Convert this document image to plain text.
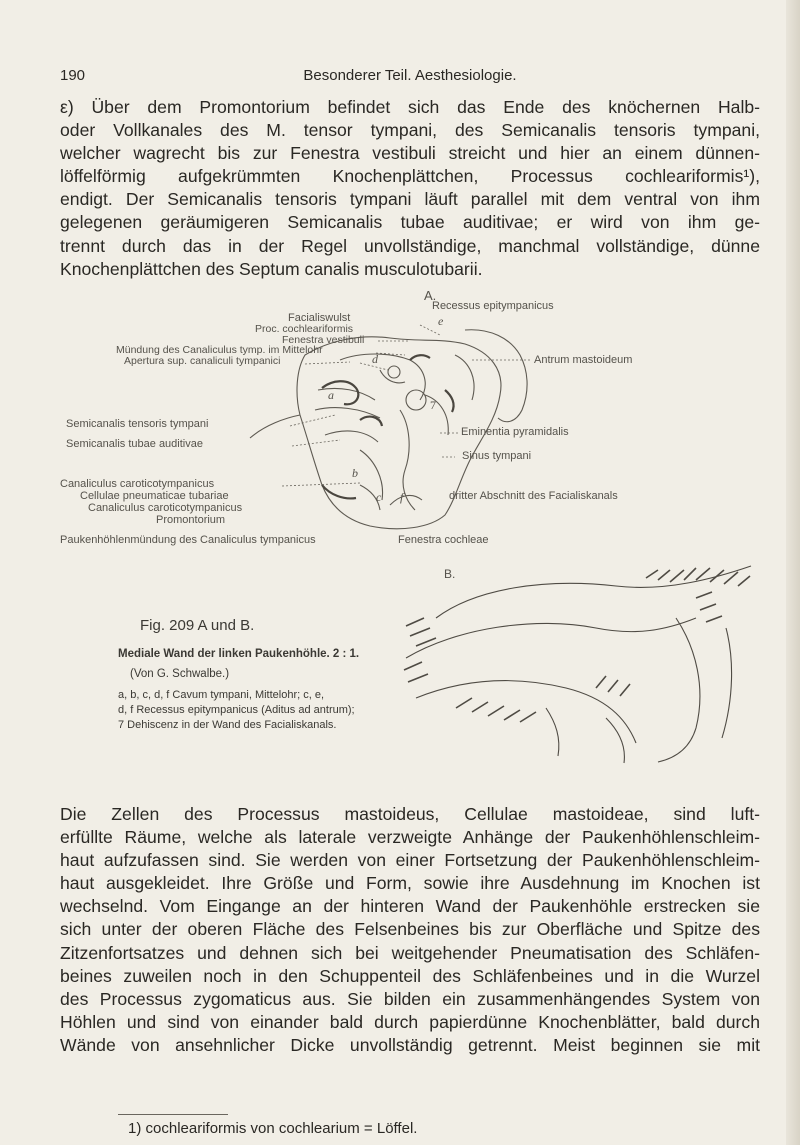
190	Besonderer Teil. Aesthesiologie.

ε) Über dem Promontorium befindet sich das Ende des knöchernen Halb-
oder Vollkanales des M. tensor tympani, des Semicanalis tensoris tympani,
welcher wagrecht bis zur Fenestra vestibuli streicht und hier an einem dünnen-
löffelförmig aufgekrümmten Knochenplättchen, Processus cochleariformis¹),
endigt. Der Semicanalis tensoris tympani läuft parallel mit dem ventral von ihm
gelegenen geräumigeren Semicanalis tubae auditivae; er wird von ihm ge-
trennt durch das in der Regel unvollständige, manchmal vollständige, dünne
Knochenplättchen des Septum canalis musculotubarii.

A.
Recessus epitympanicus
Facialiswulst
Proc. cochleariformis
Fenestra vestibuli
Mündung des Canaliculus tymp. im Mittelohr
Apertura sup. canaliculi tympanici	Antrum mastoideum
Semicanalis tensoris tympani
Semicanalis tubae auditivae
Eminentia pyramidalis
Sinus tympani
Canaliculus caroticotympanicus
Cellulae pneumaticae tubariae	dritter Abschnitt des Facialiskanals
Canaliculus caroticotympanicus
Promontorium
Paukenhöhlenmündung des Canaliculus tympanicus	Fenestra cochleae
e
a
b
c
d
f
7
B.
Fig. 209 A und B.
Mediale Wand der linken Paukenhöhle. 2 : 1.
(Von G. Schwalbe.)
a, b, c, d, f Cavum tympani, Mittelohr; c, e,
d, f Recessus epitympanicus (Aditus ad antrum);
7 Dehiscenz in der Wand des Facialiskanals.

Die Zellen des Processus mastoideus, Cellulae mastoideae, sind luft-
erfüllte Räume, welche als laterale verzweigte Anhänge der Paukenhöhlenschleim-
haut aufzufassen sind. Sie werden von einer Fortsetzung der Paukenhöhlenschleim-
haut ausgekleidet. Ihre Größe und Form, sowie ihre Ausdehnung im Knochen ist
wechselnd. Vom Eingange an der hinteren Wand der Paukenhöhle erstrecken sie
sich unter der oberen Fläche des Felsenbeines bis zur Oberfläche und Spitze des
Zitzenfortsatzes und dehnen sich bei weitgehender Pneumatisation des Schläfen-
beines zuweilen noch in den Schuppenteil des Schläfenbeines und in die Wurzel
des Processus zygomaticus aus. Sie bilden ein zusammenhängendes System von
Höhlen und sind von einander bald durch papierdünne Knochenblätter, bald durch
Wände von ansehnlicher Dicke unvollständig getrennt. Meist beginnen sie mit

1) cochleariformis von cochlearium = Löffel.
